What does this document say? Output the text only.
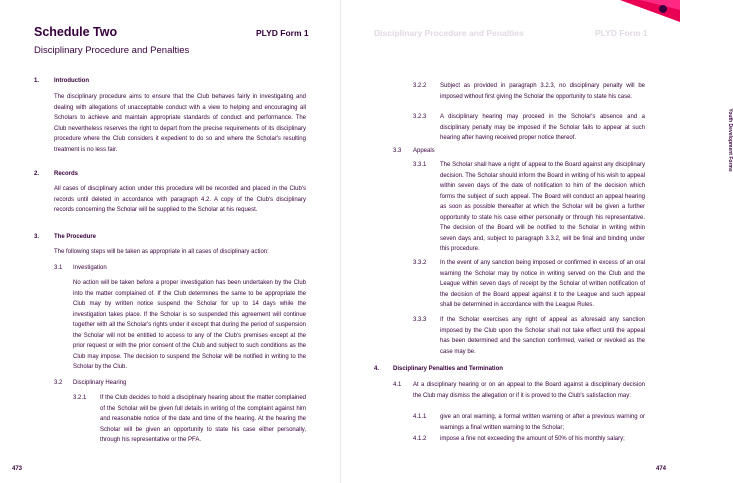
Schedule Two	PLYD Form 1
Disciplinary Procedure and Penalties
1. Introduction
The disciplinary procedure aims to ensure that the Club behaves fairly in investigating and dealing with allegations of unacceptable conduct with a view to helping and encouraging all Scholars to achieve and maintain appropriate standards of conduct and performance. The Club nevertheless reserves the right to depart from the precise requirements of its disciplinary procedure where the Club considers it expedient to do so and where the Scholar's resulting treatment is no less fair.
2. Records
All cases of disciplinary action under this procedure will be recorded and placed in the Club's records until deleted in accordance with paragraph 4.2. A copy of the Club's disciplinary records concerning the Scholar will be supplied to the Scholar at his request.
3. The Procedure
The following steps will be taken as appropriate in all cases of disciplinary action:
3.1 Investigation
No action will be taken before a proper investigation has been undertaken by the Club into the matter complained of. If the Club determines the same to be appropriate the Club may by written notice suspend the Scholar for up to 14 days while the investigation takes place. If the Scholar is so suspended this agreement will continue together with all the Scholar's rights under it except that during the period of suspension the Scholar will not be entitled to access to any of the Club's premises except at the prior request or with the prior consent of the Club and subject to such conditions as the Club may impose. The decision to suspend the Scholar will be notified in writing to the Scholar by the Club.
3.2 Disciplinary Hearing
3.2.1 If the Club decides to hold a disciplinary hearing about the matter complained of the Scholar will be given full details in writing of the complaint against him and reasonable notice of the date and time of the hearing. At the hearing the Scholar will be given an opportunity to state his case either personally, through his representative or the PFA.
473
Disciplinary Procedure and Penalties	PLYD Form 1
Youth Development Forms
3.2.2 Subject as provided in paragraph 3.2.3, no disciplinary penalty will be imposed without first giving the Scholar the opportunity to state his case.
3.2.3 A disciplinary hearing may proceed in the Scholar's absence and a disciplinary penalty may be imposed if the Scholar fails to appear at such hearing after having received proper notice thereof.
3.3 Appeals
3.3.1 The Scholar shall have a right of appeal to the Board against any disciplinary decision. The Scholar should inform the Board in writing of his wish to appeal within seven days of the date of notification to him of the decision which forms the subject of such appeal. The Board will conduct an appeal hearing as soon as possible thereafter at which the Scholar will be given a further opportunity to state his case either personally or through his representative. The decision of the Board will be notified to the Scholar in writing within seven days and, subject to paragraph 3.3.2, will be final and binding under this procedure.
3.3.2 In the event of any sanction being imposed or confirmed in excess of an oral warning the Scholar may by notice in writing served on the Club and the League within seven days of receipt by the Scholar of written notification of the decision of the Board appeal against it to the League and such appeal shall be determined in accordance with the League Rules.
3.3.3 If the Scholar exercises any right of appeal as aforesaid any sanction imposed by the Club upon the Scholar shall not take effect until the appeal has been determined and the sanction confirmed, varied or revoked as the case may be.
4. Disciplinary Penalties and Termination
4.1 At a disciplinary hearing or on an appeal to the Board against a disciplinary decision the Club may dismiss the allegation or if it is proved to the Club's satisfaction may:
4.1.1 give an oral warning, a formal written warning or after a previous warning or warnings a final written warning to the Scholar;
4.1.2 impose a fine not exceeding the amount of 50% of his monthly salary;
474
